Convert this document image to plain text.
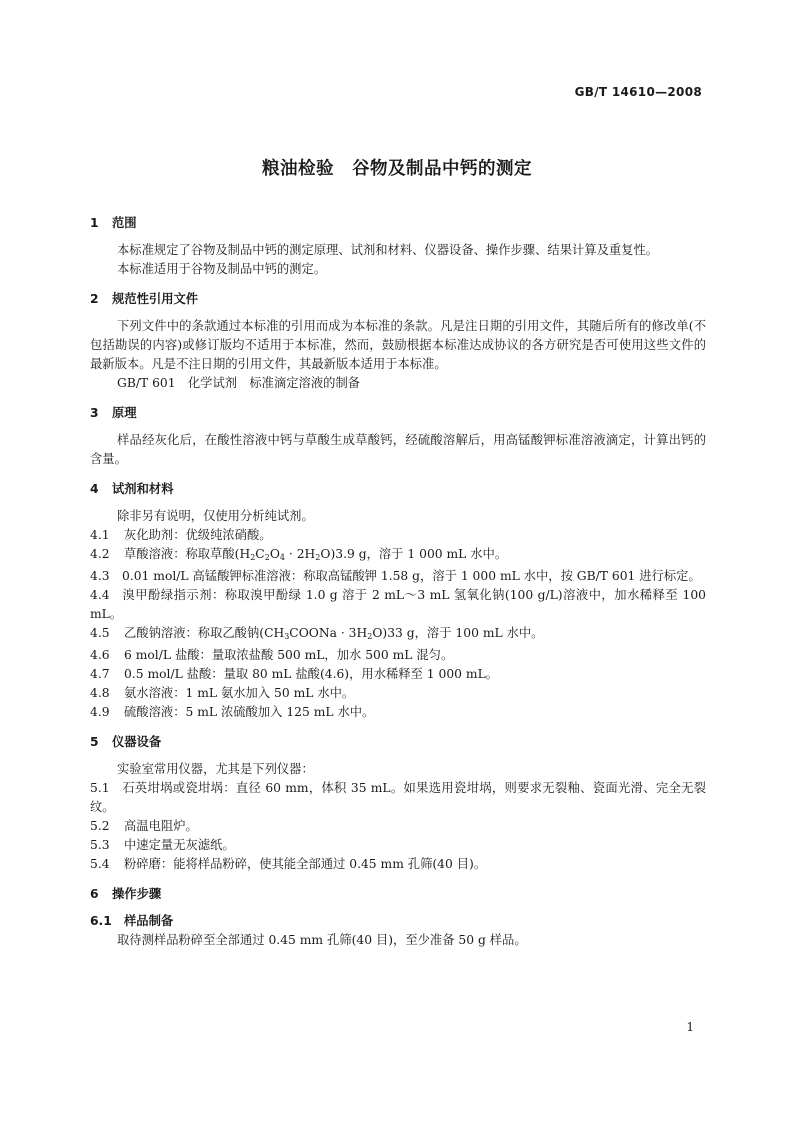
GB/T 14610—2008
粮油检验　谷物及制品中钙的测定
1	范围
本标准规定了谷物及制品中钙的测定原理、试剂和材料、仪器设备、操作步骤、结果计算及重复性。
本标准适用于谷物及制品中钙的测定。
2	规范性引用文件
下列文件中的条款通过本标准的引用而成为本标准的条款。凡是注日期的引用文件，其随后所有的修改单(不包括勘误的内容)或修订版均不适用于本标准，然而，鼓励根据本标准达成协议的各方研究是否可使用这些文件的最新版本。凡是不注日期的引用文件，其最新版本适用于本标准。
GB/T 601　化学试剂　标准滴定溶液的制备
3	原理
样品经灰化后，在酸性溶液中钙与草酸生成草酸钙，经硫酸溶解后，用高锰酸钾标准溶液滴定，计算出钙的含量。
4	试剂和材料
除非另有说明，仅使用分析纯试剂。
4.1 灰化助剂：优级纯浓硝酸。
4.2 草酸溶液：称取草酸$(H_2C_2O_4 \cdot 2H_2O)3.9$ g，溶于 1 000 mL 水中。
4.3 0.01 mol/L 高锰酸钾标准溶液：称取高锰酸钾 1.58 g，溶于 1 000 mL 水中，按 GB/T 601 进行标定。
4.4 溴甲酚绿指示剂：称取溴甲酚绿 1.0 g 溶于 2 mL～3 mL 氢氧化钠(100 g/L)溶液中，加水稀释至 100 mL。
4.5 乙酸钠溶液：称取乙酸钠$(CH_3COONa \cdot 3H_2O)33$ g，溶于 100 mL 水中。
4.6 6 mol/L 盐酸：量取浓盐酸 500 mL，加水 500 mL 混匀。
4.7 0.5 mol/L 盐酸：量取 80 mL 盐酸(4.6)，用水稀释至 1 000 mL。
4.8 氨水溶液：1 mL 氨水加入 50 mL 水中。
4.9 硫酸溶液：5 mL 浓硫酸加入 125 mL 水中。
5	仪器设备
实验室常用仪器，尤其是下列仪器：
5.1 石英坩埚或瓷坩埚：直径 60 mm，体积 35 mL。如果选用瓷坩埚，则要求无裂釉、瓷面光滑、完全无裂纹。
5.2 高温电阻炉。
5.3 中速定量无灰滤纸。
5.4 粉碎磨：能将样品粉碎，使其能全部通过 0.45 mm 孔筛(40 目)。
6	操作步骤
6.1 样品制备
取待测样品粉碎至全部通过 0.45 mm 孔筛(40 目)，至少准备 50 g 样品。
1
